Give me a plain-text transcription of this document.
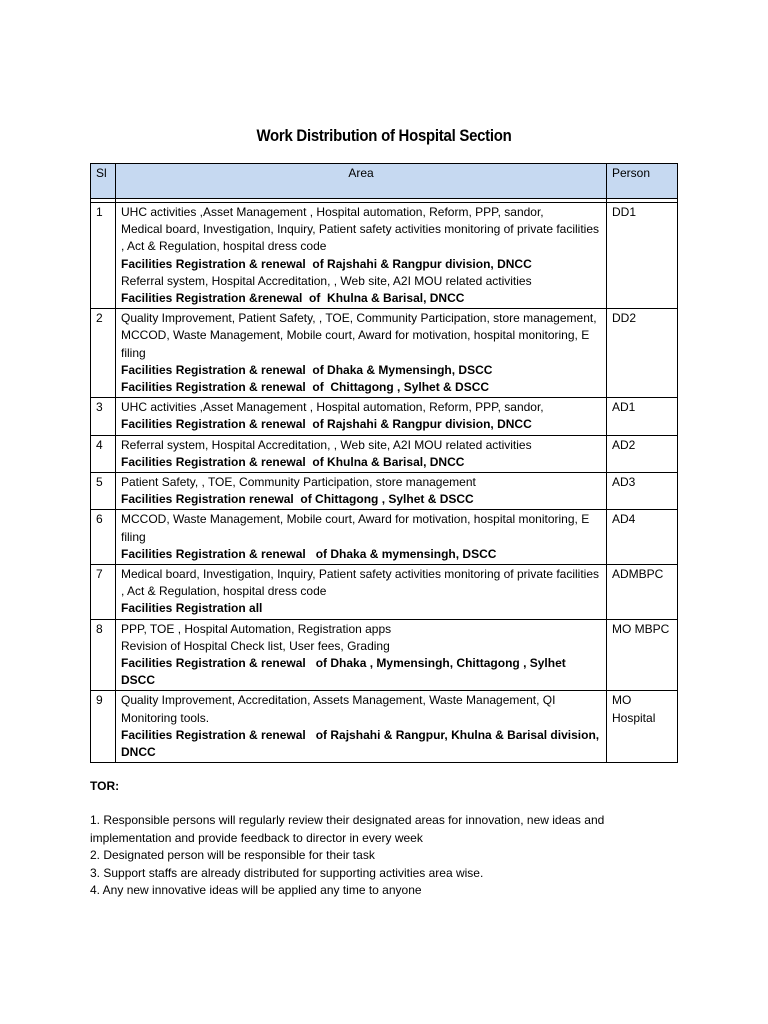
Work Distribution of Hospital Section
Sl	Area	Person

1	UHC activities ,Asset Management , Hospital automation, Reform, PPP, sandor,
Medical board, Investigation, Inquiry, Patient safety activities monitoring of private facilities , Act & Regulation, hospital dress code
Facilities Registration & renewal  of Rajshahi & Rangpur division, DNCC
Referral system, Hospital Accreditation, , Web site, A2I MOU related activities
Facilities Registration &renewal  of  Khulna & Barisal, DNCC	DD1
2	Quality Improvement, Patient Safety, , TOE, Community Participation, store management,
MCCOD, Waste Management, Mobile court, Award for motivation, hospital monitoring, E filing
Facilities Registration & renewal  of Dhaka & Mymensingh, DSCC
Facilities Registration & renewal  of  Chittagong , Sylhet & DSCC	DD2
3	UHC activities ,Asset Management , Hospital automation, Reform, PPP, sandor,
Facilities Registration & renewal  of Rajshahi & Rangpur division, DNCC	AD1
4	Referral system, Hospital Accreditation, , Web site, A2I MOU related activities
Facilities Registration & renewal  of Khulna & Barisal, DNCC	AD2
5	Patient Safety, , TOE, Community Participation, store management
Facilities Registration renewal  of Chittagong , Sylhet & DSCC	AD3
6	MCCOD, Waste Management, Mobile court, Award for motivation, hospital monitoring, E filing
Facilities Registration & renewal   of Dhaka & mymensingh, DSCC	AD4
7	Medical board, Investigation, Inquiry, Patient safety activities monitoring of private facilities , Act & Regulation, hospital dress code
Facilities Registration all	ADMBPC
8	PPP, TOE , Hospital Automation, Registration apps
Revision of Hospital Check list, User fees, Grading
Facilities Registration & renewal   of Dhaka , Mymensingh, Chittagong , Sylhet  DSCC	MO MBPC
9	Quality Improvement, Accreditation, Assets Management, Waste Management, QI Monitoring tools.
Facilities Registration & renewal   of Rajshahi & Rangpur, Khulna & Barisal division, DNCC	MO Hospital
TOR:
1. Responsible persons will regularly review their designated areas for innovation, new ideas and implementation and provide feedback to director in every week
2. Designated person will be responsible for their task
3. Support staffs are already distributed for supporting activities area wise.
4. Any new innovative ideas will be applied any time to anyone
